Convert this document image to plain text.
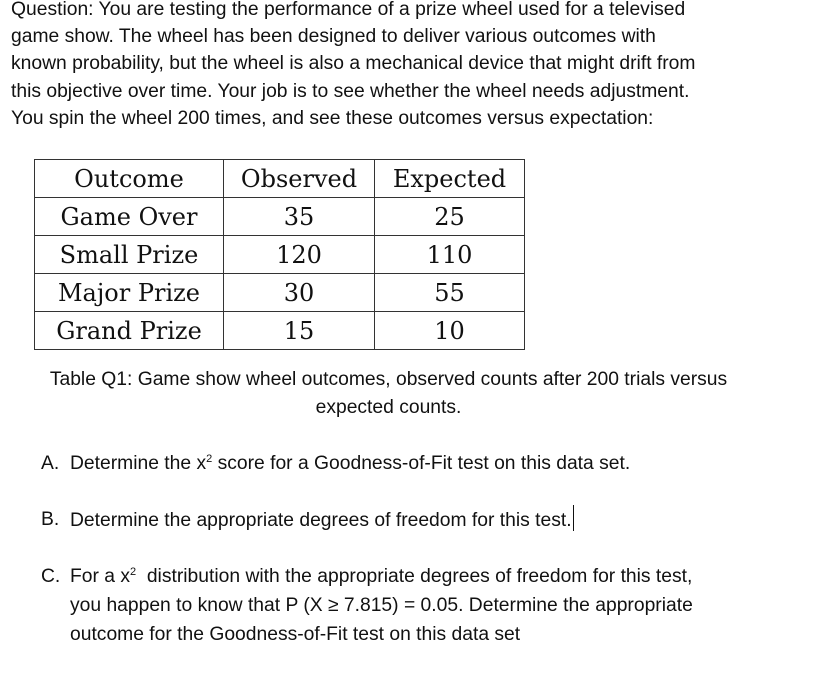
Question: You are testing the performance of a prize wheel used for a televised
game show. The wheel has been designed to deliver various outcomes with
known probability, but the wheel is also a mechanical device that might drift from
this objective over time. Your job is to see whether the wheel needs adjustment.
You spin the wheel 200 times, and see these outcomes versus expectation:
Outcome	Observed	Expected
Game Over	35	25
Small Prize	120	110
Major Prize	30	55
Grand Prize	15	10
Table Q1: Game show wheel outcomes, observed counts after 200 trials versus
expected counts.
A. Determine the $x^2$ score for a Goodness-of-Fit test on this data set.
B. Determine the appropriate degrees of freedom for this test.
C. For a $x^2$  distribution with the appropriate degrees of freedom for this test,
you happen to know that P (X ≥ 7.815) = 0.05. Determine the appropriate
outcome for the Goodness-of-Fit test on this data set
